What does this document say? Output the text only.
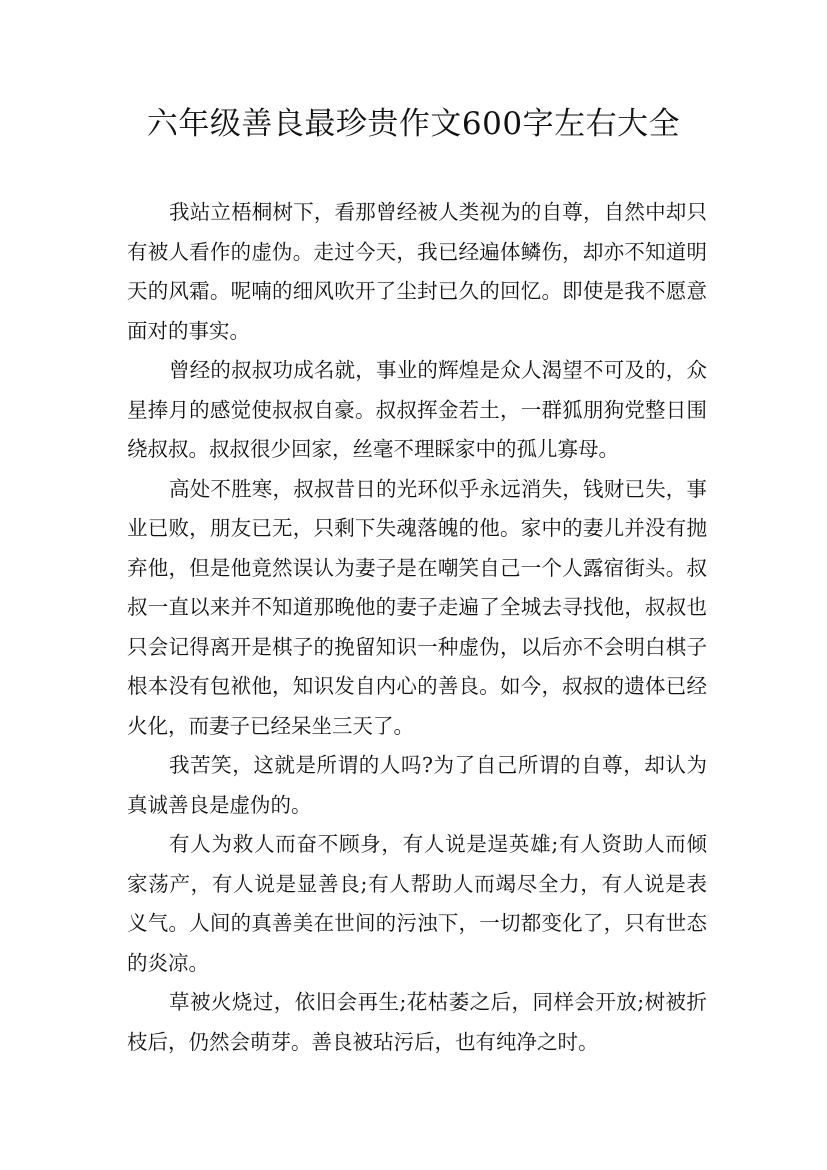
六年级善良最珍贵作文600字左右大全

我站立梧桐树下，看那曾经被人类视为的自尊，自然中却只有被人看作的虚伪。走过今天，我已经遍体鳞伤，却亦不知道明天的风霜。呢喃的细风吹开了尘封已久的回忆。即使是我不愿意面对的事实。

曾经的叔叔功成名就，事业的辉煌是众人渴望不可及的，众星捧月的感觉使叔叔自豪。叔叔挥金若土，一群狐朋狗党整日围绕叔叔。叔叔很少回家，丝毫不理睬家中的孤儿寡母。

高处不胜寒，叔叔昔日的光环似乎永远消失，钱财已失，事业已败，朋友已无，只剩下失魂落魄的他。家中的妻儿并没有抛弃他，但是他竟然误认为妻子是在嘲笑自己一个人露宿街头。叔叔一直以来并不知道那晚他的妻子走遍了全城去寻找他，叔叔也只会记得离开是棋子的挽留知识一种虚伪，以后亦不会明白棋子根本没有包袱他，知识发自内心的善良。如今，叔叔的遗体已经火化，而妻子已经呆坐三天了。

我苦笑，这就是所谓的人吗?为了自己所谓的自尊，却认为真诚善良是虚伪的。

有人为救人而奋不顾身，有人说是逞英雄;有人资助人而倾家荡产，有人说是显善良;有人帮助人而竭尽全力，有人说是表义气。人间的真善美在世间的污浊下，一切都变化了，只有世态的炎凉。

草被火烧过，依旧会再生;花枯萎之后，同样会开放;树被折枝后，仍然会萌芽。善良被玷污后，也有纯净之时。
